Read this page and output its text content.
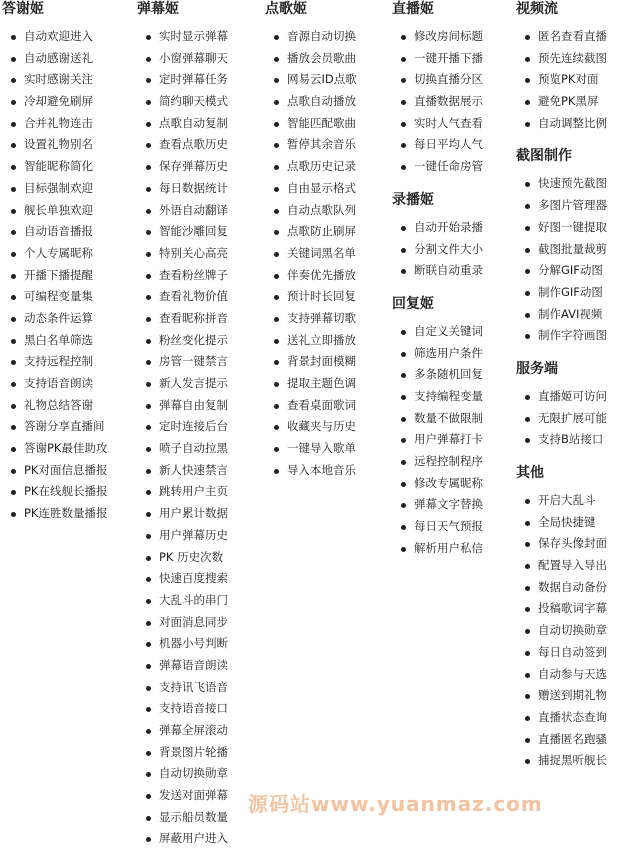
答谢姬
自动欢迎进入
自动感谢送礼
实时感谢关注
冷却避免刷屏
合并礼物连击
设置礼物别名
智能昵称简化
目标强制欢迎
舰长单独欢迎
自动语音播报
个人专属昵称
开播下播提醒
可编程变量集
动态条件运算
黑白名单筛选
支持远程控制
支持语音朗读
礼物总结答谢
答谢分享直播间
答谢PK最佳助攻
PK对面信息播报
PK在线舰长播报
PK连胜数量播报
弹幕姬
实时显示弹幕
小窗弹幕聊天
定时弹幕任务
简约聊天模式
点歌自动复制
查看点歌历史
保存弹幕历史
每日数据统计
外语自动翻译
智能沙雕回复
特别关心高亮
查看粉丝牌子
查看礼物价值
查看昵称拼音
粉丝变化提示
房管一键禁言
新人发言提示
弹幕自由复制
定时连接后台
喷子自动拉黑
新人快速禁言
跳转用户主页
用户累计数据
用户弹幕历史
PK 历史次数
快速百度搜索
大乱斗的串门
对面消息同步
机器小号判断
弹幕语音朗读
支持讯飞语音
支持语音接口
弹幕全屏滚动
背景图片轮播
自动切换勋章
发送对面弹幕
显示船员数量
屏蔽用户进入
点歌姬
音源自动切换
播放会员歌曲
网易云ID点歌
点歌自动播放
智能匹配歌曲
暂停其余音乐
点歌历史记录
自由显示格式
自动点歌队列
点歌防止刷屏
关键词黑名单
伴奏优先播放
预计时长回复
支持弹幕切歌
送礼立即播放
背景封面模糊
提取主题色调
查看桌面歌词
收藏夹与历史
一键导入歌单
导入本地音乐
直播姬
修改房间标题
一键开播下播
切换直播分区
直播数据展示
实时人气查看
每日平均人气
一键任命房管
录播姬
自动开始录播
分割文件大小
断联自动重录
回复姬
自定义关键词
筛选用户条件
多条随机回复
支持编程变量
数量不做限制
用户弹幕打卡
远程控制程序
修改专属昵称
弹幕文字替换
每日天气预报
解析用户私信
视频流
匿名查看直播
预先连续截图
预览PK对面
避免PK黑屏
自动调整比例
截图制作
快速预先截图
多图片管理器
好图一键提取
截图批量裁剪
分解GIF动图
制作GIF动图
制作AVI视频
制作字符画图
服务端
直播姬可访问
无限扩展可能
支持B站接口
其他
开启大乱斗
全局快捷键
保存头像封面
配置导入导出
数据自动备份
投稿歌词字幕
自动切换勋章
每日自动签到
自动参与天选
赠送到期礼物
直播状态查询
直播匿名跑骚
捕捉黑听舰长
源码站www.yuanmaz.com
